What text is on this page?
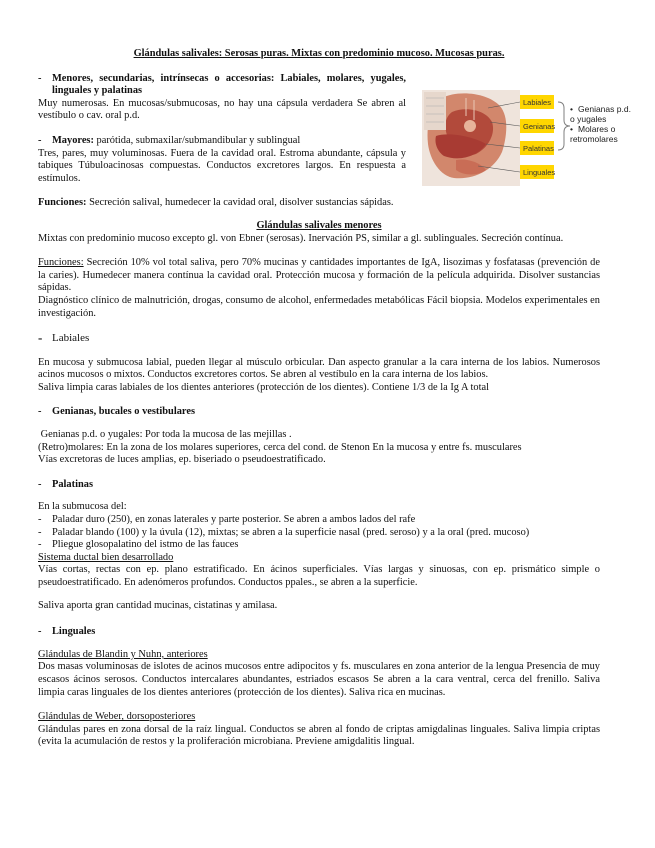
Glándulas salivales: Serosas puras. Mixtas con predominio mucoso. Mucosas puras.

-	Menores, secundarias, intrínsecas o accesorias: Labiales, molares, yugales, linguales y palatinas

Muy numerosas. En mucosas/submucosas, no hay una cápsula verdadera Se abren al vestíbulo o cav. oral p.d.

-	Mayores: parótida, submaxilar/submandibular y sublingual

Tres, pares, muy voluminosas. Fuera de la cavidad oral. Estroma abundante, cápsula y tabiques Túbuloacinosas compuestas. Conductos excretores largos. En respuesta a estímulos.

Funciones: Secreción salival, humedecer la cavidad oral, disolver sustancias sápidas.

Glándulas salivales menores

Mixtas con predominio mucoso excepto gl. von Ebner (serosas). Inervación PS, similar a gl. sublinguales. Secreción contínua.

Funciones: Secreción 10% vol total saliva, pero 70% mucinas y cantidades importantes de IgA, lisozimas y fosfatasas (prevención de la caries). Humedecer manera contínua la cavidad oral. Protección mucosa y formación de la película adquirida. Disolver sustancias sápidas.

Diagnóstico clínico de malnutrición, drogas, consumo de alcohol, enfermedades metabólicas Fácil biopsia. Modelos experimentales en investigación.

- Labiales

En mucosa y submucosa labial, pueden llegar al músculo orbicular. Dan aspecto granular a la cara interna de los labios. Numerosos acinos mucosos o mixtos. Conductos excretores cortos. Se abren al vestíbulo en la cara interna de los labios.

Saliva limpia caras labiales de los dientes anteriores (protección de los dientes). Contiene 1/3 de la Ig A total

-	Genianas, bucales o vestibulares

Genianas p.d. o yugales: Por toda la mucosa de las mejillas .

(Retro)molares: En la zona de los molares superiores, cerca del cond. de Stenon En la mucosa y entre fs. musculares

Vías excretoras de luces amplias, ep. biseriado o pseudoestratificado.

-	Palatinas

En la submucosa del:

-	Paladar duro (250), en zonas laterales y parte posterior. Se abren a ambos lados del rafe
-	Paladar blando (100) y la úvula (12), mixtas; se abren a la superficie nasal (pred. seroso) y a la oral (pred. mucoso)
-	Pliegue glosopalatino del istmo de las fauces

Sistema ductal bien desarrollado

Vías cortas, rectas con ep. plano estratificado. En ácinos superficiales. Vías largas y sinuosas, con ep. prismático simple o pseudoestratificado. En adenómeros profundos. Conductos ppales., se abren a la superficie.

Saliva aporta gran cantidad mucinas, cistatinas y amilasa.

-	Linguales

Glándulas de Blandin y Nuhn, anteriores

Dos masas voluminosas de islotes de acinos mucosos entre adipocitos y fs. musculares en zona anterior de la lengua Presencia de muy escasos ácinos serosos. Conductos intercalares abundantes, estriados escasos Se abren a la cara ventral, cerca del frenillo. Saliva limpia caras linguales de los dientes anteriores (protección de los dientes). Saliva rica en mucinas.

Glándulas de Weber, dorsoposteriores

Glándulas pares en zona dorsal de la raíz lingual. Conductos se abren al fondo de criptas amigdalinas linguales. Saliva limpia criptas (evita la acumulación de restos y la proliferación microbiana. Previene amigdalitis lingual.

Labiales
Genianas
Palatinas
Linguales
• Genianas p.d.
o yugales
• Molares o
retromolares
